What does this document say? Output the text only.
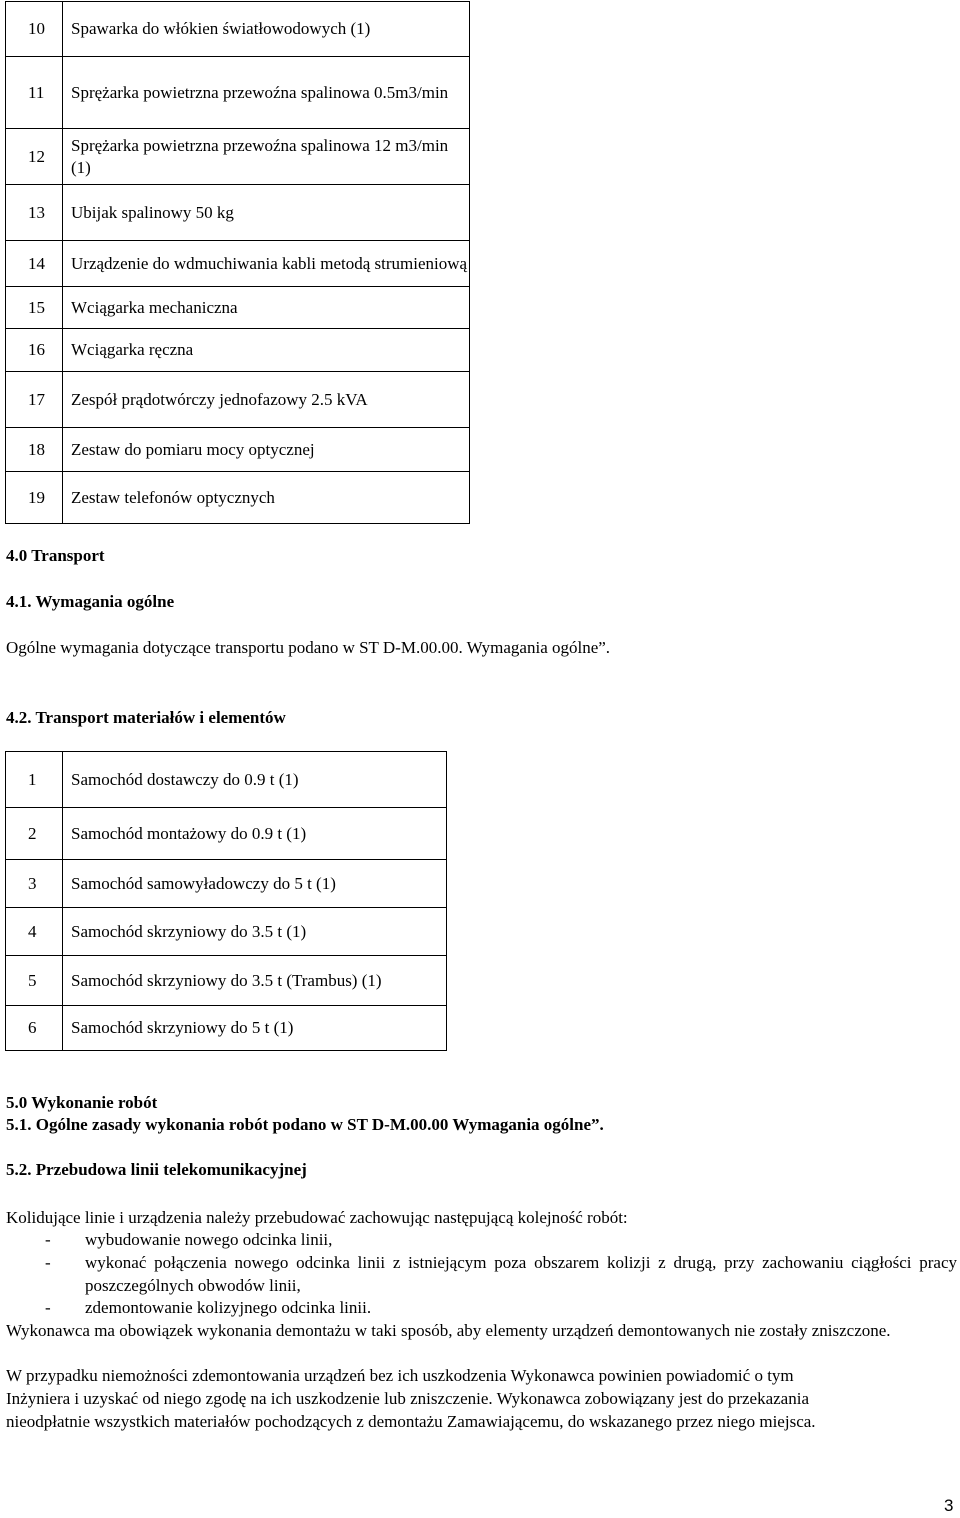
10	Spawarka do włókien światłowodowych (1)
11	Sprężarka powietrzna przewoźna spalinowa 0.5m3/min
12	Sprężarka powietrzna przewoźna spalinowa 12 m3/min (1)
13	Ubijak spalinowy 50 kg
14	Urządzenie do wdmuchiwania kabli metodą strumieniową
15	Wciągarka mechaniczna
16	Wciągarka ręczna
17	Zespół prądotwórczy jednofazowy 2.5 kVA
18	Zestaw do pomiaru mocy optycznej
19	Zestaw telefonów optycznych
4.0 Transport
4.1. Wymagania ogólne
Ogólne wymagania dotyczące transportu podano w ST D-M.00.00. Wymagania ogólne”.
4.2. Transport materiałów i elementów
1	Samochód dostawczy do 0.9 t (1)
2	Samochód montażowy do 0.9 t (1)
3	Samochód samowyładowczy do 5 t (1)
4	Samochód skrzyniowy do 3.5 t (1)
5	Samochód skrzyniowy do 3.5 t (Trambus) (1)
6	Samochód skrzyniowy do 5 t (1)
5.0 Wykonanie robót
5.1. Ogólne zasady wykonania robót podano w ST D-M.00.00 Wymagania ogólne”.
5.2. Przebudowa linii telekomunikacyjnej
Kolidujące linie i urządzenia należy przebudować zachowując następującą kolejność robót:
-	wybudowanie nowego odcinka linii,
-	wykonać połączenia nowego odcinka linii z istniejącym poza obszarem kolizji z drugą, przy zachowaniu ciągłości pracy poszczególnych obwodów linii,
-	zdemontowanie kolizyjnego odcinka linii.
Wykonawca ma obowiązek wykonania demontażu w taki sposób, aby elementy urządzeń demontowanych nie zostały zniszczone.
W przypadku niemożności zdemontowania urządzeń bez ich uszkodzenia Wykonawca powinien powiadomić o tym
Inżyniera i uzyskać od niego zgodę na ich uszkodzenie lub zniszczenie. Wykonawca zobowiązany jest do przekazania
nieodpłatnie wszystkich materiałów pochodzących z demontażu Zamawiającemu, do wskazanego przez niego miejsca.
3
